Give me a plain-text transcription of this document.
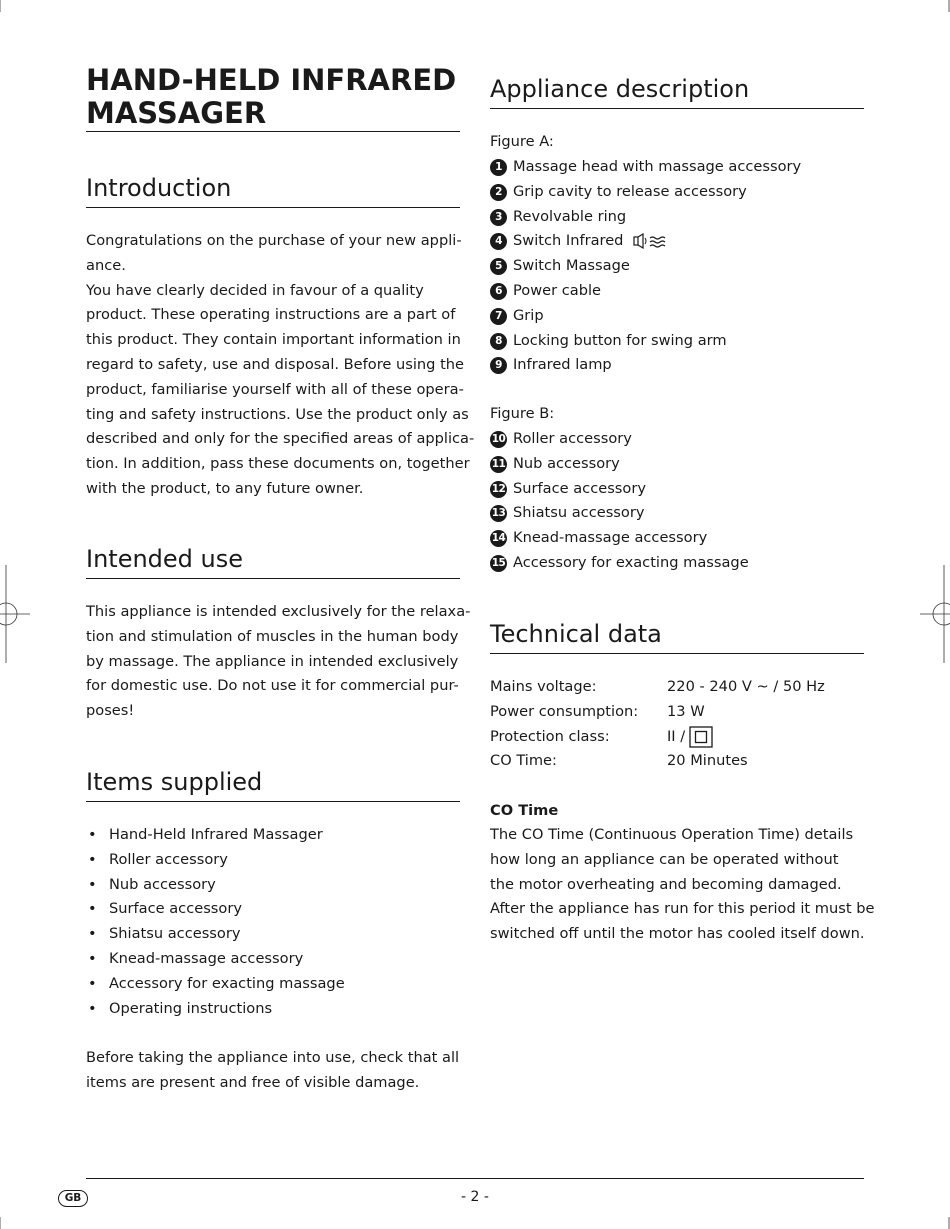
HAND-HELD INFRARED
MASSAGER
Introduction
Congratulations on the purchase of your new appli-
ance.
You have clearly decided in favour of a quality
product. These operating instructions are a part of
this product. They contain important information in
regard to safety, use and disposal. Before using the
product, familiarise yourself with all of these opera-
ting and safety instructions. Use the product only as
described and only for the specified areas of applica-
tion. In addition, pass these documents on, together
with the product, to any future owner.
Intended use
This appliance is intended exclusively for the relaxa-
tion and stimulation of muscles in the human body
by massage. The appliance in intended exclusively
for domestic use. Do not use it for commercial pur-
poses!
Items supplied
• Hand-Held Infrared Massager
• Roller accessory
• Nub accessory
• Surface accessory
• Shiatsu accessory
• Knead-massage accessory
• Accessory for exacting massage
• Operating instructions
Before taking the appliance into use, check that all
items are present and free of visible damage.
Appliance description

Figure A:

1 Massage head with massage accessory
2 Grip cavity to release accessory
3 Revolvable ring
4 Switch Infrared
5 Switch Massage
6 Power cable
7 Grip
8 Locking button for swing arm
9 Infrared lamp

Figure B:

10 Roller accessory
11 Nub accessory
12 Surface accessory
13 Shiatsu accessory
14 Knead-massage accessory
15 Accessory for exacting massage
Technical data
Mains voltage:	220 - 240 V ~ / 50 Hz
Power consumption: 13 W
Protection class:	II /
CO Time:	20 Minutes

CO Time

The CO Time (Continuous Operation Time) details
how long an appliance can be operated without
the motor overheating and becoming damaged.
After the appliance has run for this period it must be
switched off until the motor has cooled itself down.
GB	- 2 -
